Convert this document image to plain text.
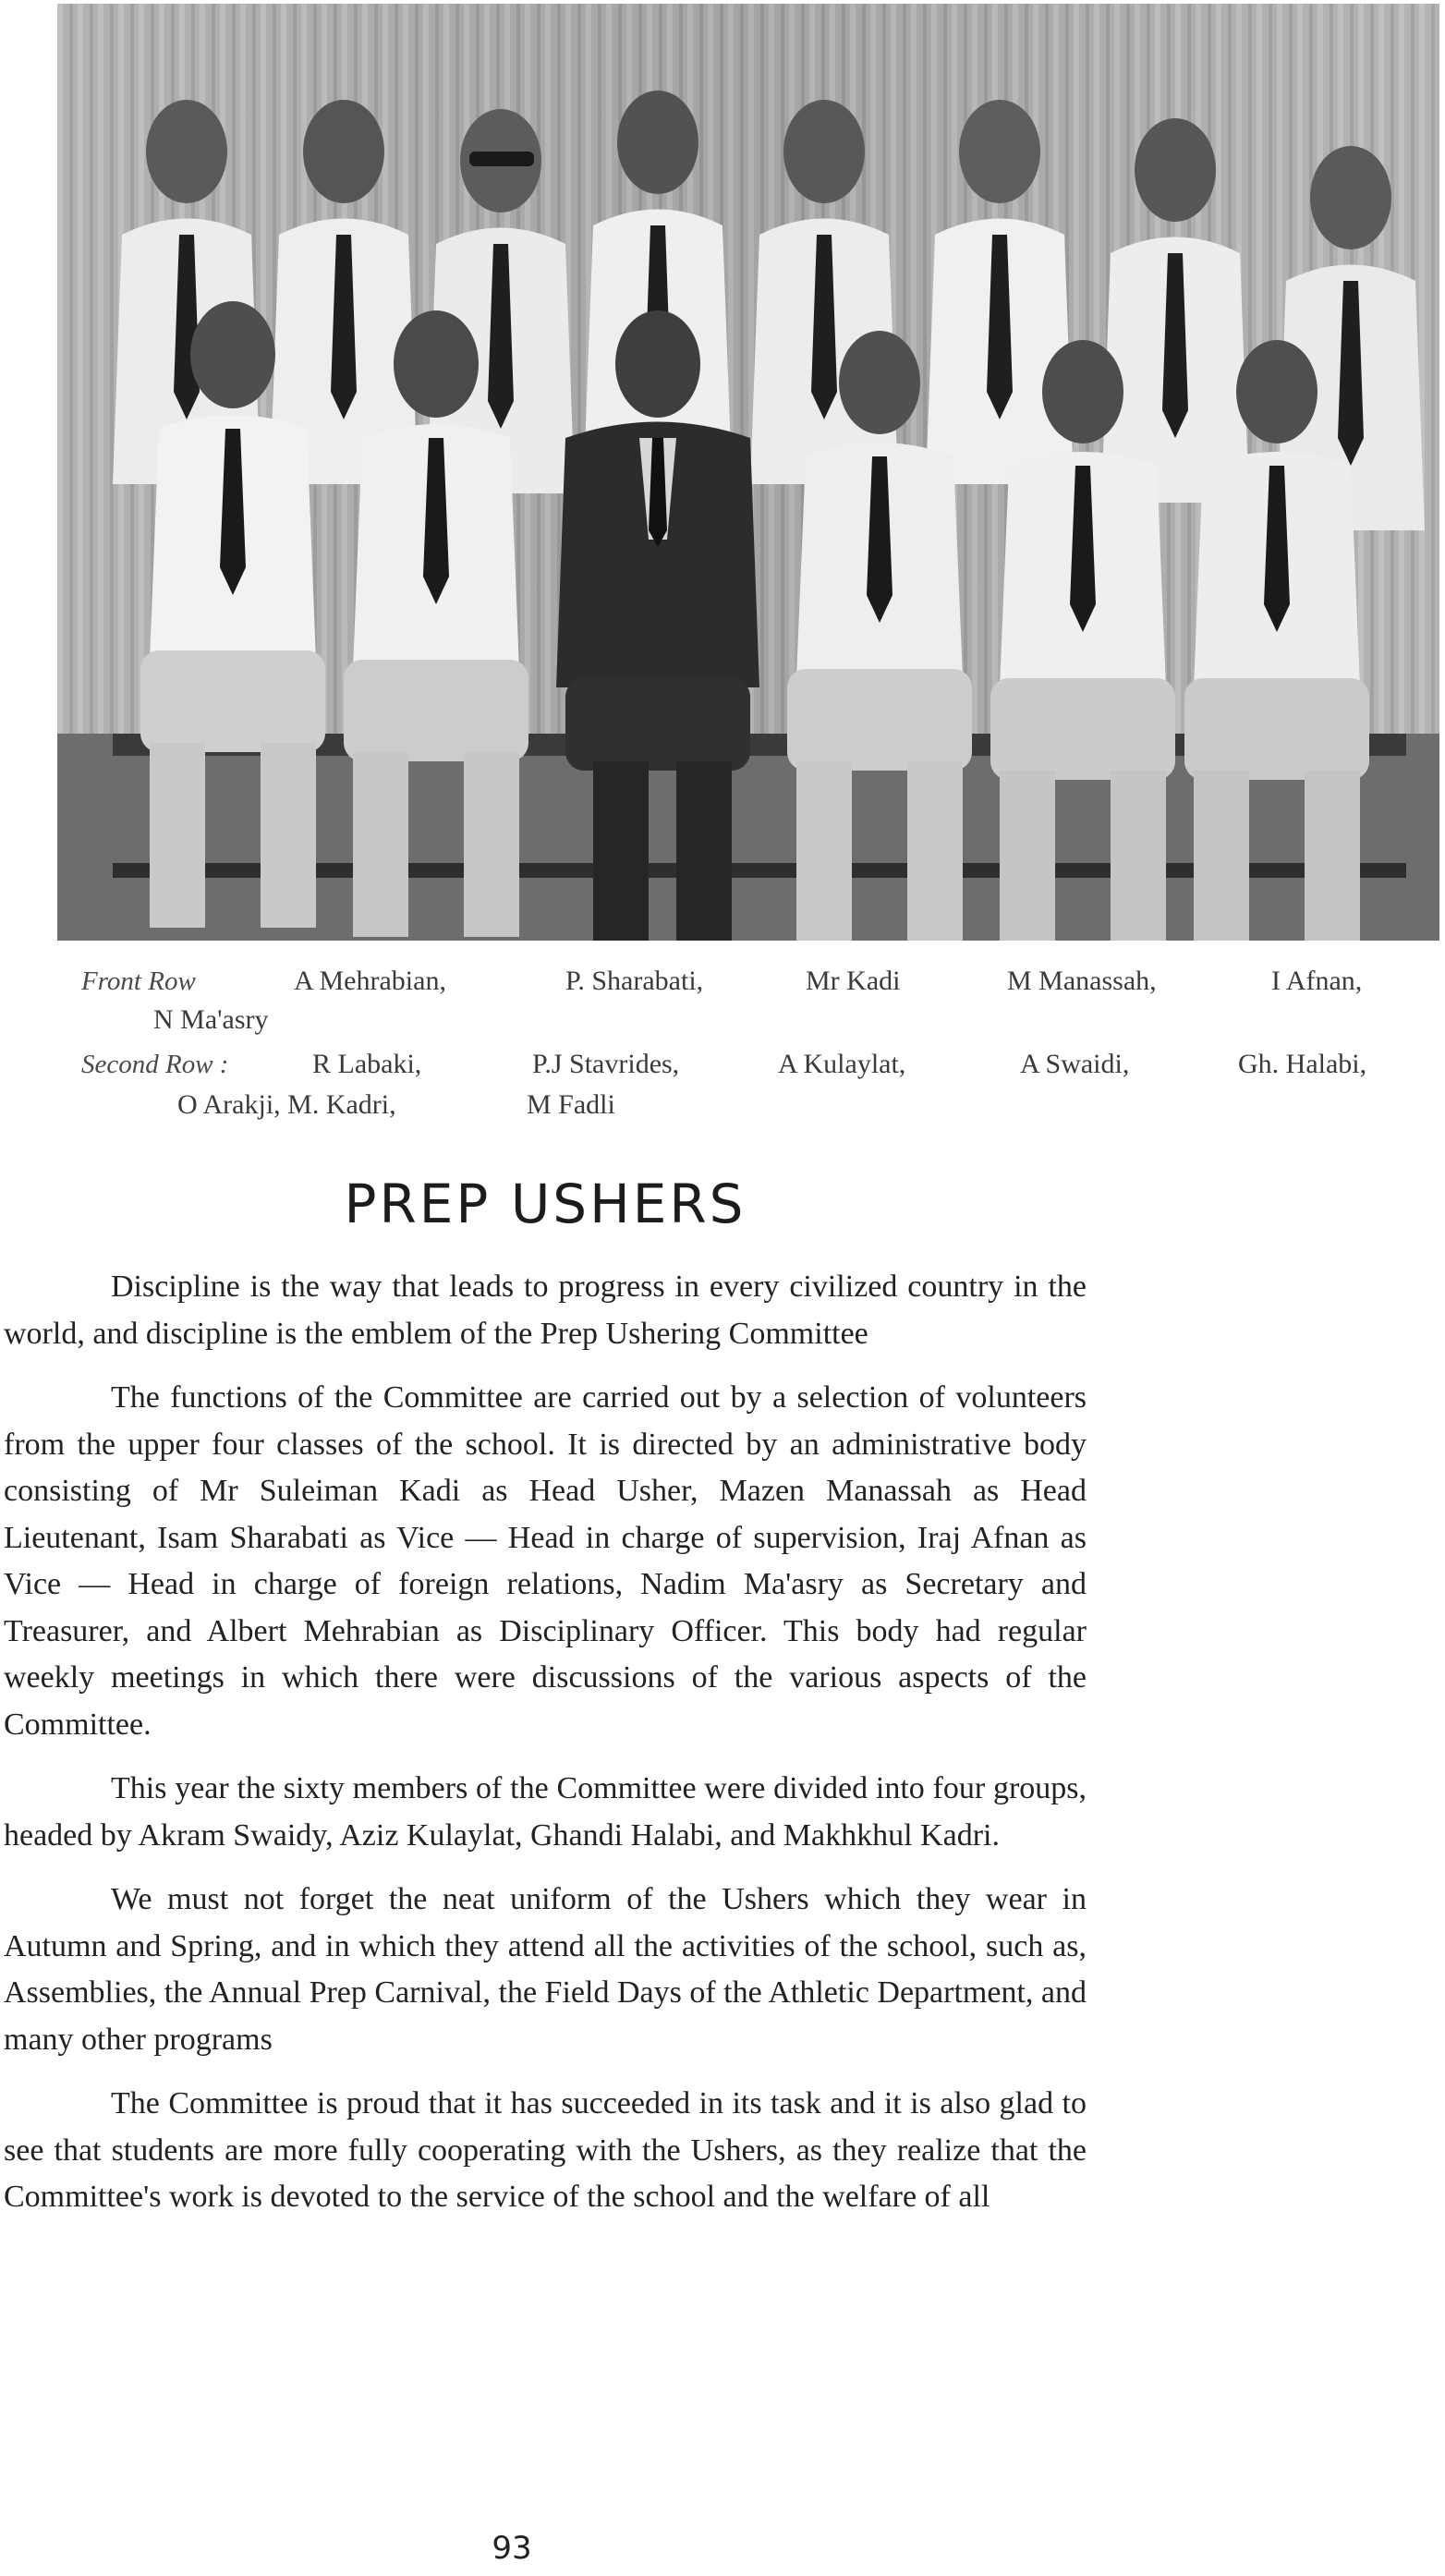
Front Row	A Mehrabian,	P. Sharabati,	Mr Kadi	M Manassah,	I Afnan,
N Ma'asry
Second Row :	R Labaki,	P.J Stavrides,	A Kulaylat,	A Swaidi,	Gh. Halabi,
O Arakji, M. Kadri,	M Fadli
PREP USHERS

Discipline is the way that leads to progress in every civilized country in the world, and discipline is the emblem of the Prep Ushering Committee

The functions of the Committee are carried out by a selection of volunteers from the upper four classes of the school. It is directed by an administrative body consisting of Mr Suleiman Kadi as Head Usher, Mazen Manassah as Head Lieutenant, Isam Sharabati as Vice — Head in charge of supervision, Iraj Afnan as Vice — Head in charge of foreign relations, Nadim Ma'asry as Secretary and Treasurer, and Albert Mehrabian as Disciplinary Officer. This body had regular weekly meetings in which there were discussions of the various aspects of the Committee.

This year the sixty members of the Committee were divided into four groups, headed by Akram Swaidy, Aziz Kulaylat, Ghandi Halabi, and Makhkhul Kadri.

We must not forget the neat uniform of the Ushers which they wear in Autumn and Spring, and in which they attend all the activities of the school, such as, Assemblies, the Annual Prep Carnival, the Field Days of the Athletic Department, and many other programs

The Committee is proud that it has succeeded in its task and it is also glad to see that students are more fully cooperating with the Ushers, as they realize that the Committee's work is devoted to the service of the school and the welfare of all

93
